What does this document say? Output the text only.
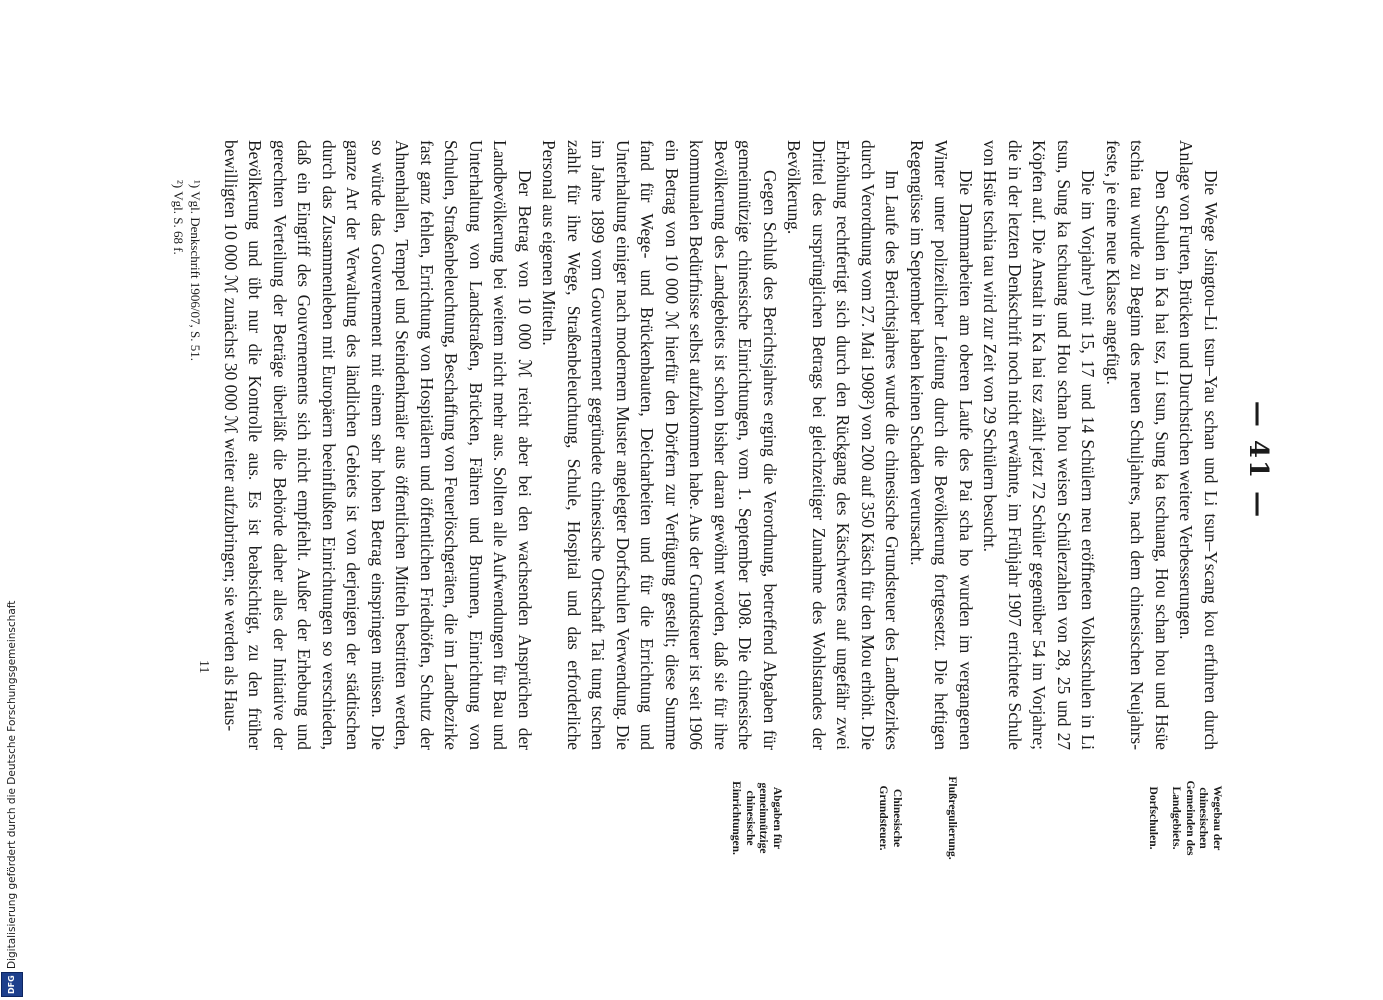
— 41 —
Wegebau der chinesischen Gemeinden des Landgebiets.
Dorfschulen.
Flußregulierung.
Chinesische Grundsteuer.
Abgaben für gemeinnützige chinesische Einrichtungen.

Die Wege Jsingtou–Li tsun–Yau schan und Li tsun–Yscang kou erfuhren durch Anlage von Furten, Brücken und Durchstichen weitere Verbesserungen.

Den Schulen in Ka hai tsz, Li tsun, Sung ka tschuang, Hou schan hou und Hsüe tschia tau wurde zu Beginn des neuen Schuljahres, nach dem chinesischen Neujahrs-feste, je eine neue Klasse angefügt.

Die im Vorjahre¹) mit 15, 17 und 14 Schülern neu eröffneten Volksschulen in Li tsun, Sung ka tschuang und Hou schan hou weisen Schülerzahlen von 28, 25 und 27 Köpfen auf. Die Anstalt in Ka hai tsz zählt jetzt 72 Schüler gegenüber 54 im Vorjahre; die in der letzten Denkschrift noch nicht erwähnte, im Frühjahr 1907 errichtete Schule von Hsüe tschia tau wird zur Zeit von 29 Schülern besucht.

Die Dammarbeiten am oberen Laufe des Pai scha ho wurden im vergangenen Winter unter polizeilicher Leitung durch die Bevölkerung fortgesetzt. Die heftigen Regengüsse im September haben keinen Schaden verursacht.

Im Laufe des Berichtsjahres wurde die chinesische Grundsteuer des Landbezirkes durch Verordnung vom 27. Mai 1908²) von 200 auf 350 Käsch für den Mou erhöht. Die Erhöhung rechtfertigt sich durch den Rückgang des Käschwertes auf ungefähr zwei Drittel des ursprünglichen Betrags bei gleichzeitiger Zunahme des Wohlstandes der Bevölkerung.

Gegen Schluß des Berichtsjahres erging die Verordnung, betreffend Abgaben für gemeinnützige chinesische Einrichtungen, vom 1. September 1908. Die chinesische Bevölkerung des Landgebiets ist schon bisher daran gewöhnt worden, daß sie für ihre kommunalen Bedürfnisse selbst aufzukommen habe. Aus der Grundsteuer ist seit 1906 ein Betrag von 10 000 ℳ hierfür den Dörfern zur Verfügung gestellt; diese Summe fand für Wege- und Brückenbauten, Deicharbeiten und für die Errichtung und Unterhaltung einiger nach modernem Muster angelegter Dorfschulen Verwendung. Die im Jahre 1899 vom Gouvernement gegründete chinesische Ortschaft Tai tung tschen zahlt für ihre Wege, Straßenbeleuchtung, Schule, Hospital und das erforderliche Personal aus eigenen Mitteln.

Der Betrag von 10 000 ℳ reicht aber bei den wachsenden Ansprüchen der Landbevölkerung bei weitem nicht mehr aus. Sollten alle Aufwendungen für Bau und Unterhaltung von Landstraßen, Brücken, Fähren und Brunnen, Einrichtung von Schulen, Straßenbeleuchtung, Beschaffung von Feuerlöschgeräten, die im Landbezirke fast ganz fehlen, Errichtung von Hospitälern und öffentlichen Friedhöfen, Schutz der Ahnenhallen, Tempel und Steindenkmäler aus öffentlichen Mitteln bestritten werden, so würde das Gouvernement mit einem sehr hohen Betrag einspringen müssen. Die ganze Art der Verwaltung des ländlichen Gebiets ist von derjenigen der städtischen durch das Zusammenleben mit Europäern beeinflußten Einrichtungen so verschieden, daß ein Eingriff des Gouvernements sich nicht empfiehlt. Außer der Erhebung und gerechten Verteilung der Beträge überläßt die Behörde daher alles der Initiative der Bevölkerung und übt nur die Kontrolle aus. Es ist beabsichtigt, zu den früher bewilligten 10 000 ℳ zunächst 30 000 ℳ weiter aufzubringen; sie werden als Haus-

¹) Vgl. Denkschrift 1906/07, S. 51.
²) Vgl. S. 68 f.
11
DFG Digitalisierung gefördert durch die Deutsche Forschungsgemeinschaft
